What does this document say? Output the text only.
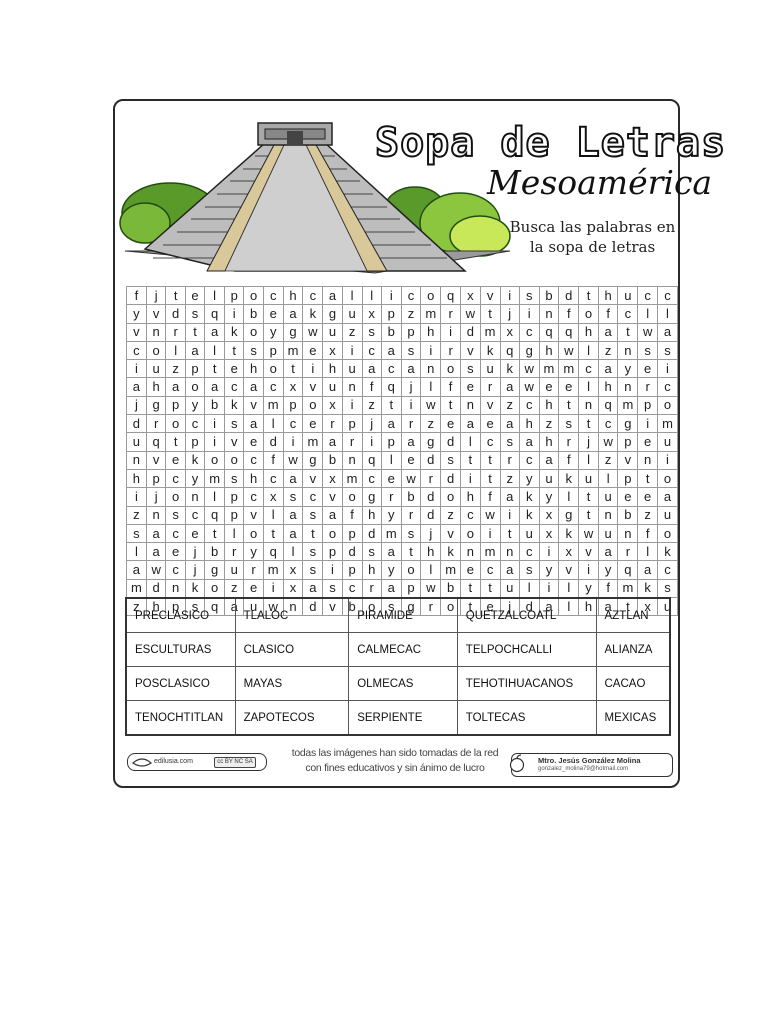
Sopa de Letras
Mesoamérica
Busca las palabras en
la sopa de letras
f	j	t	e	l	p	o	c	h	c	a	l	l	i	c	o	q	x	v	i	s	b	d	t	h	u	c	c
y	v	d	s	q	i	b	e	a	k	g	u	x	p	z	m	r	w	t	j	i	n	f	o	f	c	l	l
v	n	r	t	a	k	o	y	g	w	u	z	s	b	p	h	i	d	m	x	c	q	q	h	a	t	w	a
c	o	l	a	l	t	s	p	m	e	x	i	c	a	s	i	r	v	k	q	g	h	w	l	z	n	s	s
i	u	z	p	t	e	h	o	t	i	h	u	a	c	a	n	o	s	u	k	w	m	m	c	a	y	e	i
a	h	a	o	a	c	a	c	x	v	u	n	f	q	j	l	f	e	r	a	w	e	e	l	h	n	r	c
j	g	p	y	b	k	v	m	p	o	x	i	z	t	i	w	t	n	v	z	c	h	t	n	q	m	p	o
d	r	o	c	i	s	a	l	c	e	r	p	j	a	r	z	e	a	e	a	h	z	s	t	c	g	i	m
u	q	t	p	i	v	e	d	i	m	a	r	i	p	a	g	d	l	c	s	a	h	r	j	w	p	e	u
n	v	e	k	o	o	c	f	w	g	b	n	q	l	e	d	s	t	t	r	c	a	f	l	z	v	n	i
h	p	c	y	m	s	h	c	a	v	x	m	c	e	w	r	d	i	t	z	y	u	k	u	l	p	t	o
i	j	o	n	l	p	c	x	s	c	v	o	g	r	b	d	o	h	f	a	k	y	l	t	u	e	e	a
z	n	s	c	q	p	v	l	a	s	a	f	h	y	r	d	z	c	w	i	k	x	g	t	n	b	z	u
s	a	c	e	t	l	o	t	a	t	o	p	d	m	s	j	v	o	i	t	u	x	k	w	u	n	f	o
l	a	e	j	b	r	y	q	l	s	p	d	s	a	t	h	k	n	m	n	c	i	x	v	a	r	l	k
a	w	c	j	g	u	r	m	x	s	i	p	h	y	o	l	m	e	c	a	s	y	v	i	y	q	a	c
m	d	n	k	o	z	e	i	x	a	s	c	r	a	p	w	b	t	t	u	l	i	l	y	f	m	k	s
z	h	p	s	q	a	u	w	n	d	v	b	o	s	g	r	o	t	e	j	d	a	l	h	a	t	x	u
PRECLASICO	TLALOC	PIRAMIDE	QUETZALCOATL	AZTLAN
ESCULTURAS	CLASICO	CALMECAC	TELPOCHCALLI	ALIANZA
POSCLASICO	MAYAS	OLMECAS	TEHOTIHUACANOS	CACAO
TENOCHTITLAN	ZAPOTECOS	SERPIENTE	TOLTECAS	MEXICAS
edilusia.com	cc BY NC SA
todas las imágenes han sido tomadas de la red
con fines educativos y sin ánimo de lucro
Mtro. Jesús González Molina
gonzalez_molina79@hotmail.com
